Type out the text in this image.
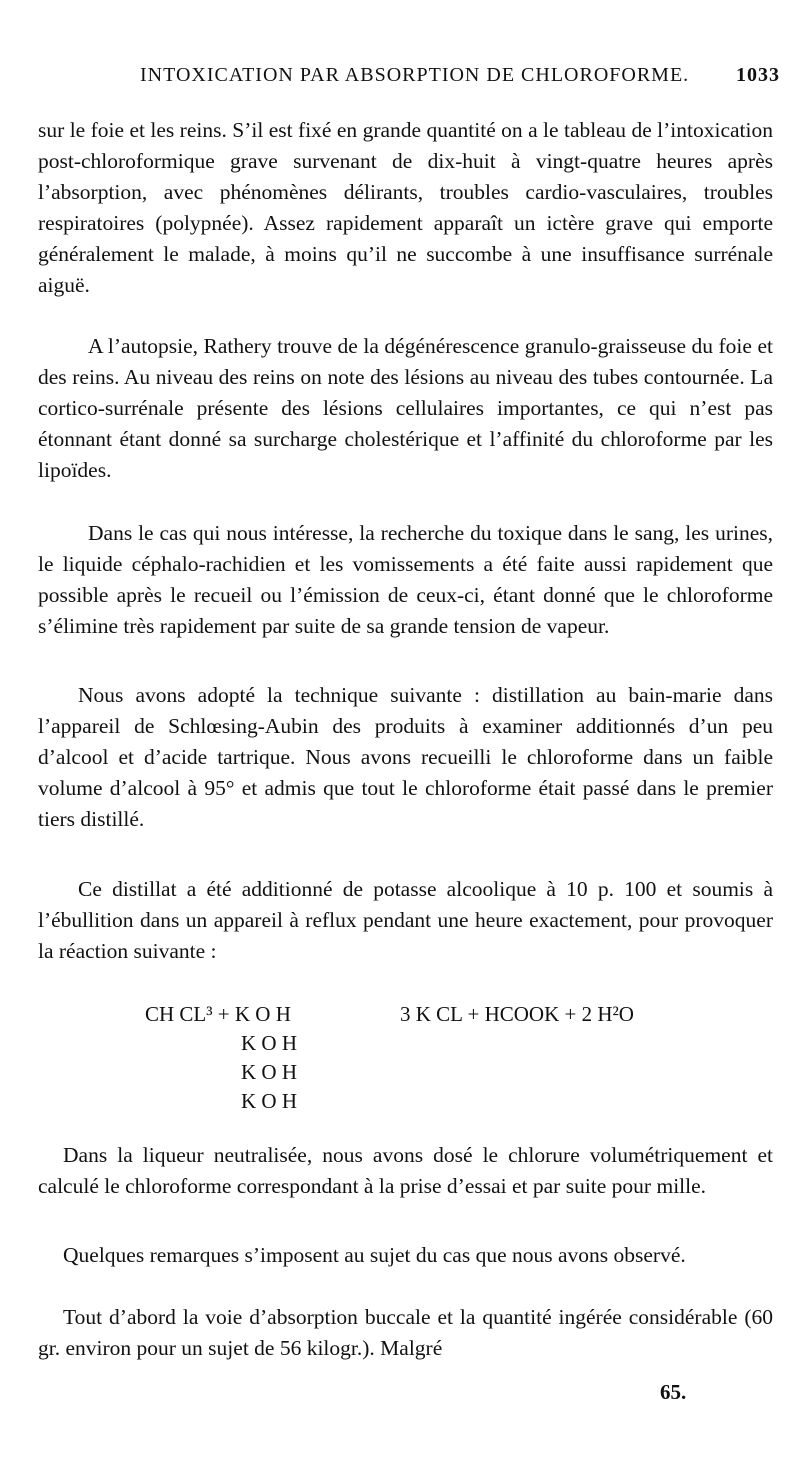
INTOXICATION PAR ABSORPTION DE CHLOROFORME. 1033

sur le foie et les reins. S’il est fixé en grande quantité on a le tableau de l’intoxication post-chloroformique grave survenant de dix-huit à vingt-quatre heures après l’absorption, avec phénomènes délirants, troubles cardio-vasculaires, troubles respiratoires (polypnée). Assez rapidement apparaît un ictère grave qui emporte généralement le malade, à moins qu’il ne succombe à une insuffisance surrénale aiguë.

A l’autopsie, Rathery trouve de la dégénérescence granulo-graisseuse du foie et des reins. Au niveau des reins on note des lésions au niveau des tubes contournée. La cortico-surrénale présente des lésions cellulaires importantes, ce qui n’est pas étonnant étant donné sa surcharge cholestérique et l’affinité du chloroforme par les lipoïdes.

Dans le cas qui nous intéresse, la recherche du toxique dans le sang, les urines, le liquide céphalo-rachidien et les vomissements a été faite aussi rapidement que possible après le recueil ou l’émission de ceux-ci, étant donné que le chloroforme s’élimine très rapidement par suite de sa grande tension de vapeur.

Nous avons adopté la technique suivante : distillation au bain-marie dans l’appareil de Schlœsing-Aubin des produits à examiner additionnés d’un peu d’alcool et d’acide tartrique. Nous avons recueilli le chloroforme dans un faible volume d’alcool à 95° et admis que tout le chloroforme était passé dans le premier tiers distillé.

Ce distillat a été additionné de potasse alcoolique à 10 p. 100 et soumis à l’ébullition dans un appareil à reflux pendant une heure exactement, pour provoquer la réaction suivante :

CH CL³ + K O H
K O H
K O H
K O H
3 K CL + HCOOK + 2 H²O

Dans la liqueur neutralisée, nous avons dosé le chlorure volumétriquement et calculé le chloroforme correspondant à la prise d’essai et par suite pour mille.

Quelques remarques s’imposent au sujet du cas que nous avons observé.

Tout d’abord la voie d’absorption buccale et la quantité ingérée considérable (60 gr. environ pour un sujet de 56 kilogr.). Malgré

65.
